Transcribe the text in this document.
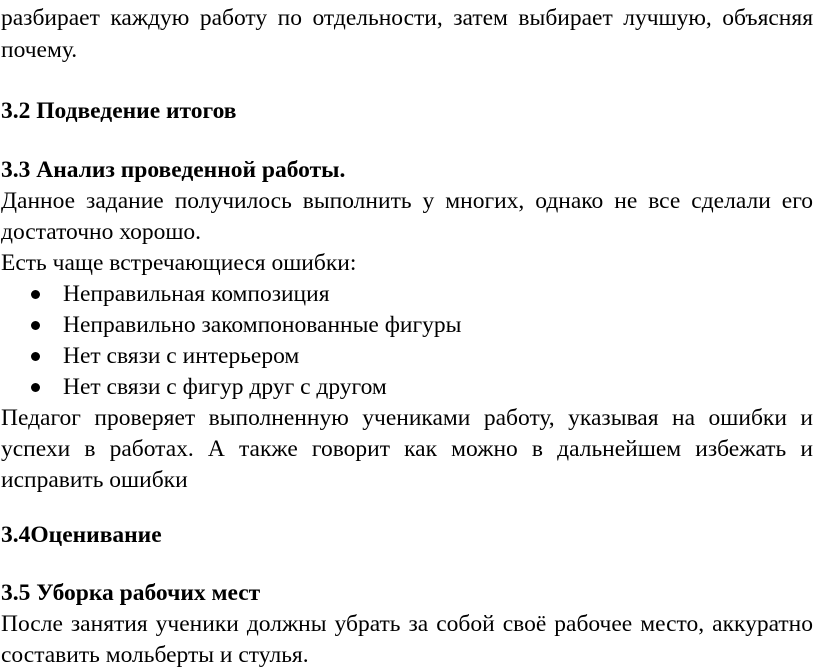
разбирает каждую работу по отдельности, затем выбирает лучшую, объясняя
почему.
3.2 Подведение итогов
3.3 Анализ проведенной работы.
Данное задание получилось выполнить у многих, однако не все сделали его
достаточно хорошо.
Есть чаще встречающиеся ошибки:
Неправильная композиция
Неправильно закомпонованные фигуры
Нет связи с интерьером
Нет связи с фигур друг с другом
Педагог проверяет выполненную учениками работу, указывая на ошибки и
успехи в работах. А также говорит как можно в дальнейшем избежать и
исправить ошибки
3.4Оценивание
3.5 Уборка рабочих мест
После занятия ученики должны убрать за собой своё рабочее место, аккуратно
составить мольберты и стулья.
